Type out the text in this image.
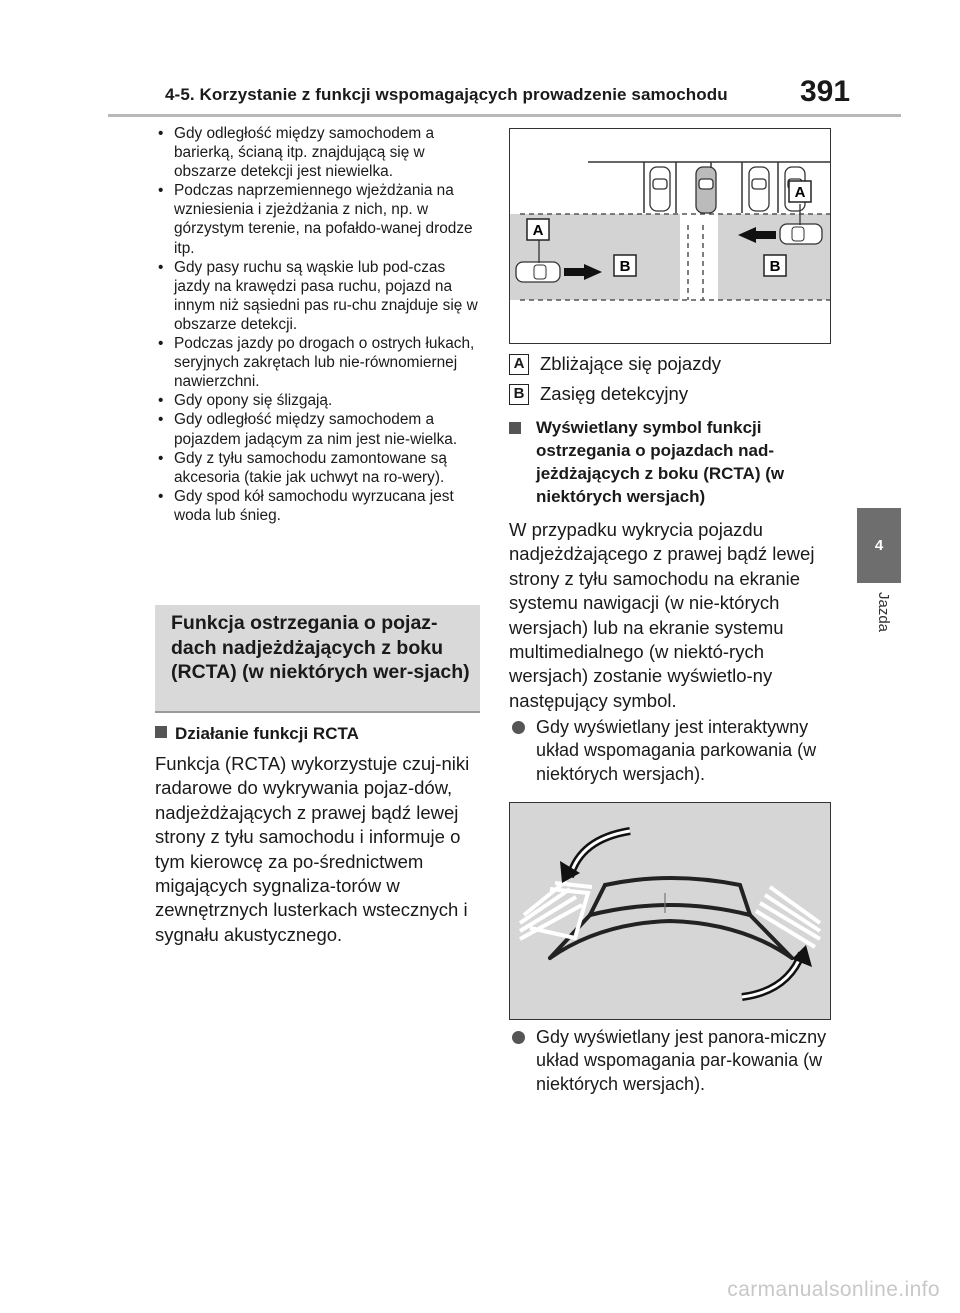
4-5. Korzystanie z funkcji wspomagających prowadzenie samochodu 391
4
Jazda
• Gdy odległość między samochodem a barierką, ścianą itp. znajdującą się w obszarze detekcji jest niewielka.
• Podczas naprzemiennego wjeżdżania na wzniesienia i zjeżdżania z nich, np. w górzystym terenie, na pofałdo-wanej drodze itp.
• Gdy pasy ruchu są wąskie lub pod-czas jazdy na krawędzi pasa ruchu, pojazd na innym niż sąsiedni pas ru-chu znajduje się w obszarze detekcji.
• Podczas jazdy po drogach o ostrych łukach, seryjnych zakrętach lub nie-równomiernej nawierzchni.
• Gdy opony się ślizgają.
• Gdy odległość między samochodem a pojazdem jadącym za nim jest nie-wielka.
• Gdy z tyłu samochodu zamontowane są akcesoria (takie jak uchwyt na ro-wery).
• Gdy spod kół samochodu wyrzucana jest woda lub śnieg.
Funkcja ostrzegania o pojaz-dach nadjeżdżających z boku (RCTA) (w niektórych wer-sjach)
Działanie funkcji RCTA
Funkcja (RCTA) wykorzystuje czuj-niki radarowe do wykrywania pojaz-dów, nadjeżdżających z prawej bądź lewej strony z tyłu samochodu i informuje o tym kierowcę za po-średnictwem migających sygnaliza-torów w zewnętrznych lusterkach wstecznych i sygnału akustycznego.
A
A
B	B
A Zbliżające się pojazdy
B Zasięg detekcyjny
Wyświetlany symbol funkcji ostrzegania o pojazdach nad-jeżdżających z boku (RCTA) (w niektórych wersjach)
W przypadku wykrycia pojazdu nadjeżdżającego z prawej bądź lewej strony z tyłu samochodu na ekranie systemu nawigacji (w nie-których wersjach) lub na ekranie systemu multimedialnego (w niektó-rych wersjach) zostanie wyświetlo-ny następujący symbol.
Gdy wyświetlany jest interaktywny układ wspomagania parkowania (w niektórych wersjach).
Gdy wyświetlany jest panora-miczny układ wspomagania par-kowania (w niektórych wersjach).
carmanualsonline.info
